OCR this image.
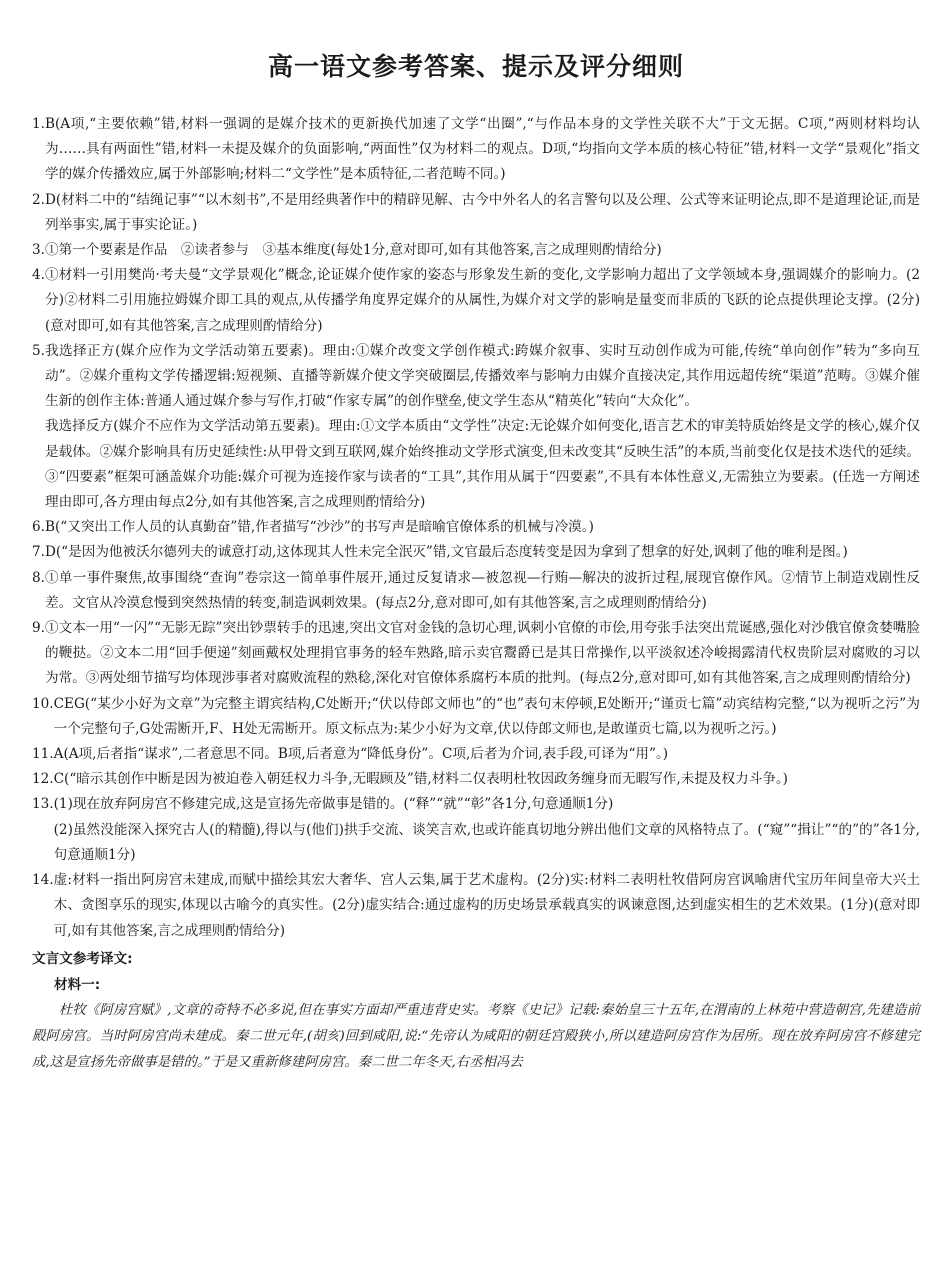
高一语文参考答案、提示及评分细则
1. B(A项,“主要依赖”错,材料一强调的是媒介技术的更新换代加速了文学“出圈”,“与作品本身的文学性关联不大”于文无据。C项,“两则材料均认为……具有两面性”错,材料一未提及媒介的负面影响,“两面性”仅为材料二的观点。D项,“均指向文学本质的核心特征”错,材料一文学“景观化”指文学的媒介传播效应,属于外部影响;材料二“文学性”是本质特征,二者范畴不同。)
2. D(材料二中的“结绳记事”“以木刻书”,不是用经典著作中的精辟见解、古今中外名人的名言警句以及公理、公式等来证明论点,即不是道理论证,而是列举事实,属于事实论证。)
3. ①第一个要素是作品　②读者参与　③基本维度(每处1分,意对即可,如有其他答案,言之成理则酌情给分)
4. ①材料一引用樊尚·考夫曼“文学景观化”概念,论证媒介使作家的姿态与形象发生新的变化,文学影响力超出了文学领域本身,强调媒介的影响力。(2分)②材料二引用施拉姆媒介即工具的观点,从传播学角度界定媒介的从属性,为媒介对文学的影响是量变而非质的飞跃的论点提供理论支撑。(2分)(意对即可,如有其他答案,言之成理则酌情给分)
5. 我选择正方(媒介应作为文学活动第五要素)。理由:①媒介改变文学创作模式:跨媒介叙事、实时互动创作成为可能,传统“单向创作”转为“多向互动”。②媒介重构文学传播逻辑:短视频、直播等新媒介使文学突破圈层,传播效率与影响力由媒介直接决定,其作用远超传统“渠道”范畴。③媒介催生新的创作主体:普通人通过媒介参与写作,打破“作家专属”的创作壁垒,使文学生态从“精英化”转向“大众化”。
我选择反方(媒介不应作为文学活动第五要素)。理由:①文学本质由“文学性”决定:无论媒介如何变化,语言艺术的审美特质始终是文学的核心,媒介仅是载体。②媒介影响具有历史延续性:从甲骨文到互联网,媒介始终推动文学形式演变,但未改变其“反映生活”的本质,当前变化仅是技术迭代的延续。③“四要素”框架可涵盖媒介功能:媒介可视为连接作家与读者的“工具”,其作用从属于“四要素”,不具有本体性意义,无需独立为要素。(任选一方阐述理由即可,各方理由每点2分,如有其他答案,言之成理则酌情给分)
6. B(“又突出工作人员的认真勤奋”错,作者描写“沙沙”的书写声是暗喻官僚体系的机械与冷漠。)
7. D(“是因为他被沃尔德列夫的诚意打动,这体现其人性未完全泯灭”错,文官最后态度转变是因为拿到了想拿的好处,讽刺了他的唯利是图。)
8. ①单一事件聚焦,故事围绕“查询”卷宗这一简单事件展开,通过反复请求—被忽视—行贿—解决的波折过程,展现官僚作风。②情节上制造戏剧性反差。文官从冷漠怠慢到突然热情的转变,制造讽刺效果。(每点2分,意对即可,如有其他答案,言之成理则酌情给分)
9. ①文本一用“一闪”“无影无踪”突出钞票转手的迅速,突出文官对金钱的急切心理,讽刺小官僚的市侩,用夸张手法突出荒诞感,强化对沙俄官僚贪婪嘴脸的鞭挞。②文本二用“回手便递”刻画戴权处理捐官事务的轻车熟路,暗示卖官鬻爵已是其日常操作,以平淡叙述冷峻揭露清代权贵阶层对腐败的习以为常。③两处细节描写均体现涉事者对腐败流程的熟稔,深化对官僚体系腐朽本质的批判。(每点2分,意对即可,如有其他答案,言之成理则酌情给分)
10. CEG(“某少小好为文章”为完整主谓宾结构,C处断开;“伏以侍郎文师也”的“也”表句末停顿,E处断开;“谨贡七篇”动宾结构完整,“以为视听之污”为一个完整句子,G处需断开,F、H处无需断开。原文标点为:某少小好为文章,伏以侍郎文师也,是敢谨贡七篇,以为视听之污。)
11. A(A项,后者指“谋求”,二者意思不同。B项,后者意为“降低身份”。C项,后者为介词,表手段,可译为“用”。)
12. C(“暗示其创作中断是因为被迫卷入朝廷权力斗争,无暇顾及”错,材料二仅表明杜牧因政务缠身而无暇写作,未提及权力斗争。)
13. (1)现在放弃阿房宫不修建完成,这是宣扬先帝做事是错的。(“释”“就”“彰”各1分,句意通顺1分)
(2)虽然没能深入探究古人(的精髓),得以与(他们)拱手交流、谈笑言欢,也或许能真切地分辨出他们文章的风格特点了。(“窥”“揖让”“的”的”各1分,句意通顺1分)
14. 虚:材料一指出阿房宫未建成,而赋中描绘其宏大奢华、宫人云集,属于艺术虚构。(2分)实:材料二表明杜牧借阿房宫讽喻唐代宝历年间皇帝大兴土木、贪图享乐的现实,体现以古喻今的真实性。(2分)虚实结合:通过虚构的历史场景承载真实的讽谏意图,达到虚实相生的艺术效果。(1分)(意对即可,如有其他答案,言之成理则酌情给分)
文言文参考译文:
材料一:
杜牧《阿房宫赋》,文章的奇特不必多说,但在事实方面却严重违背史实。考察《史记》记载:秦始皇三十五年,在渭南的上林苑中营造朝宫,先建造前殿阿房宫。当时阿房宫尚未建成。秦二世元年,(胡亥)回到咸阳,说:“先帝认为咸阳的朝廷宫殿狭小,所以建造阿房宫作为居所。现在放弃阿房宫不修建完成,这是宣扬先帝做事是错的。”于是又重新修建阿房宫。秦二世二年冬天,右丞相冯去
